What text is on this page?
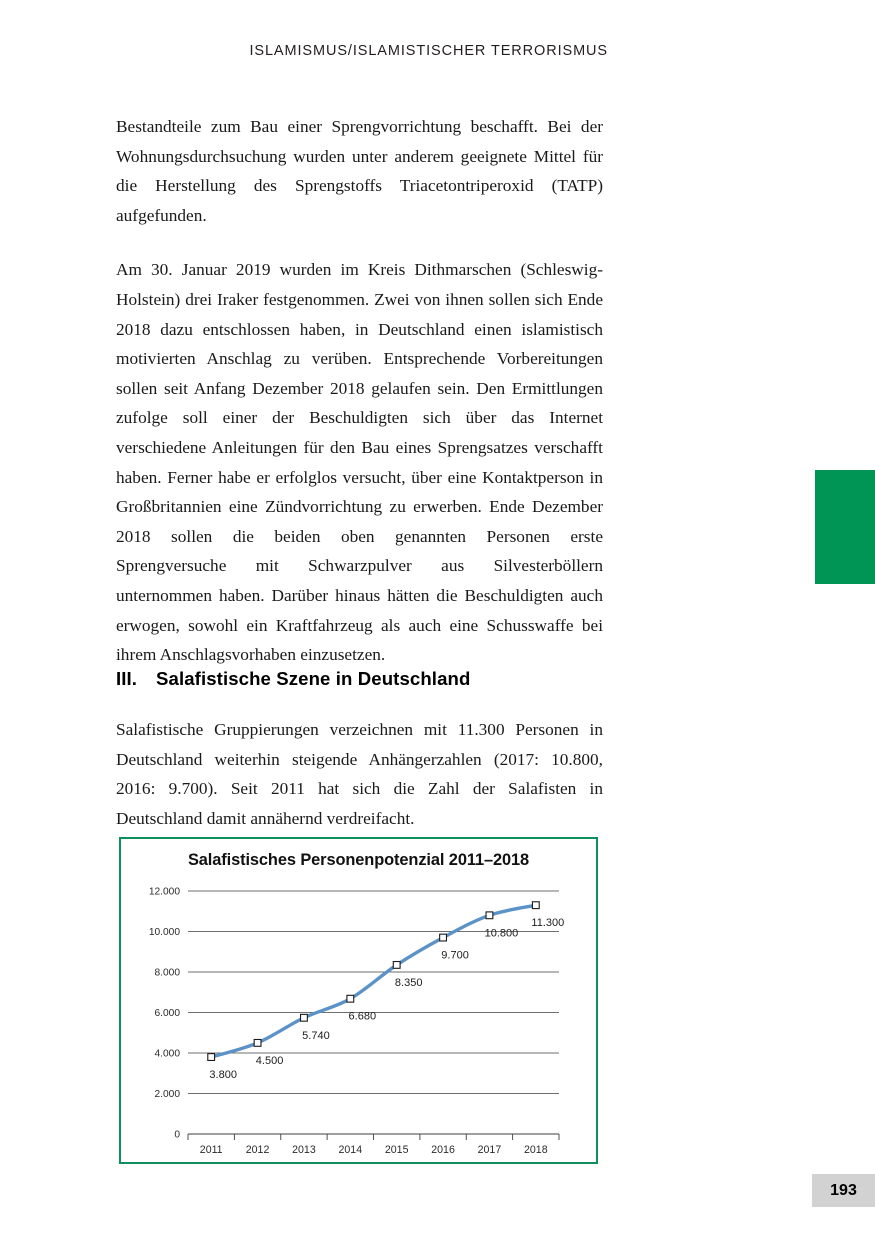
ISLAMISMUS/ISLAMISTISCHER TERRORISMUS

Bestandteile zum Bau einer Sprengvorrichtung beschafft. Bei der Wohnungsdurchsuchung wurden unter anderem geeignete Mittel für die Herstellung des Sprengstoffs Triacetontriperoxid (TATP) aufgefunden.

Am 30. Januar 2019 wurden im Kreis Dithmarschen (Schleswig-Holstein) drei Iraker festgenommen. Zwei von ihnen sollen sich Ende 2018 dazu entschlossen haben, in Deutschland einen islamistisch motivierten Anschlag zu verüben. Entsprechende Vorbereitungen sollen seit Anfang Dezember 2018 gelaufen sein. Den Ermittlungen zufolge soll einer der Beschuldigten sich über das Internet verschiedene Anleitungen für den Bau eines Sprengsatzes verschafft haben. Ferner habe er erfolglos versucht, über eine Kontaktperson in Großbritannien eine Zündvorrichtung zu erwerben. Ende Dezember 2018 sollen die beiden oben genannten Personen erste Sprengversuche mit Schwarzpulver aus Silvesterböllern unternommen haben. Darüber hinaus hätten die Beschuldigten auch erwogen, sowohl ein Kraftfahrzeug als auch eine Schusswaffe bei ihrem Anschlagsvorhaben einzusetzen.

III. Salafistische Szene in Deutschland

Salafistische Gruppierungen verzeichnen mit 11.300 Personen in Deutschland weiterhin steigende Anhängerzahlen (2017: 10.800, 2016: 9.700). Seit 2011 hat sich die Zahl der Salafisten in Deutschland damit annähernd verdreifacht.

193
Salafistisches Personenpotenzial 2011–2018
0
2.000
4.000
6.000
8.000
10.000
12.000
2011 2012 2013 2014 2015 2016 2017 2018
3.800
4.500
5.740
6.680
8.350
9.700
10.800
11.300
